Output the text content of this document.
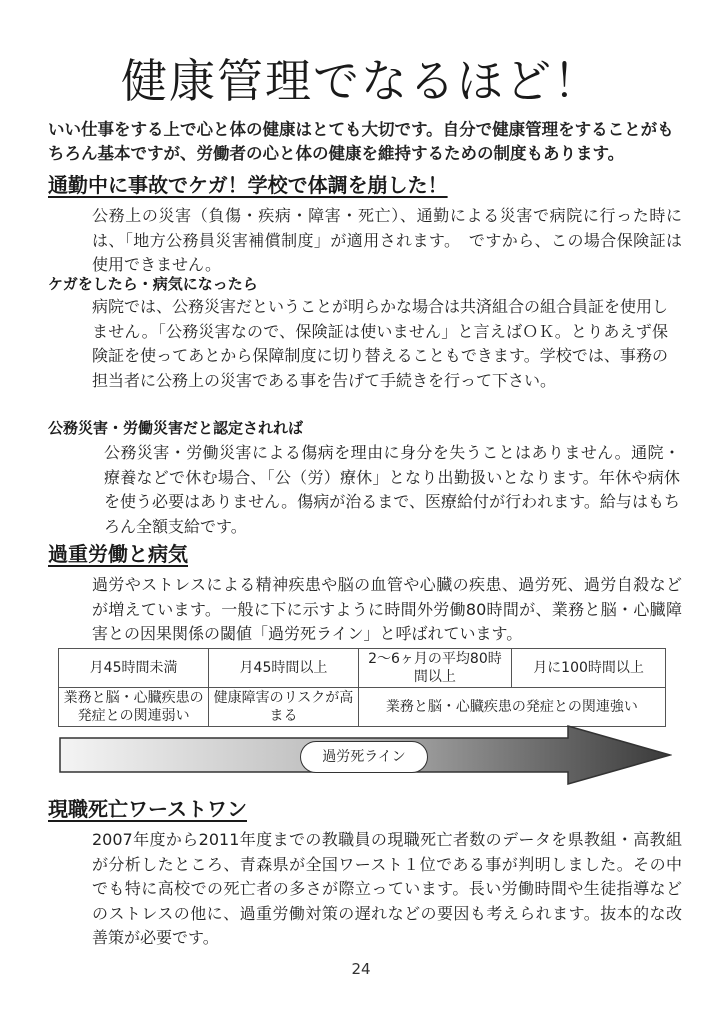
健康管理でなるほど！
いい仕事をする上で心と体の健康はとても大切です。自分で健康管理をすることがもちろん基本ですが、労働者の心と体の健康を維持するための制度もあります。
通勤中に事故でケガ！学校で体調を崩した！
公務上の災害（負傷・疾病・障害・死亡）、通勤による災害で病院に行った時には、「地方公務員災害補償制度」が適用されます。　ですから、この場合保険証は使用できません。
ケガをしたら・病気になったら
病院では、公務災害だということが明らかな場合は共済組合の組合員証を使用しません。「公務災害なので、保険証は使いません」と言えばＯＫ。とりあえず保険証を使ってあとから保障制度に切り替えることもできます。学校では、事務の担当者に公務上の災害である事を告げて手続きを行って下さい。
公務災害・労働災害だと認定されれば
公務災害・労働災害による傷病を理由に身分を失うことはありません。通院・療養などで休む場合、「公（労）療休」となり出勤扱いとなります。年休や病休を使う必要はありません。傷病が治るまで、医療給付が行われます。給与はもちろん全額支給です。
過重労働と病気
過労やストレスによる精神疾患や脳の血管や心臓の疾患、過労死、過労自殺などが増えています。一般に下に示すように時間外労働80時間が、業務と脳・心臓障害との因果関係の閾値「過労死ライン」と呼ばれています。
月45時間未満	月45時間以上	2～6ヶ月の平均80時間以上	月に100時間以上
業務と脳・心臓疾患の発症との関連弱い	健康障害のリスクが高まる	業務と脳・心臓疾患の発症との関連強い	
過労死ライン
現職死亡ワーストワン
2007年度から2011年度までの教職員の現職死亡者数のデータを県教組・高教組が分析したところ、青森県が全国ワースト１位である事が判明しました。その中でも特に高校での死亡者の多さが際立っています。長い労働時間や生徒指導などのストレスの他に、過重労働対策の遅れなどの要因も考えられます。抜本的な改善策が必要です。
24
